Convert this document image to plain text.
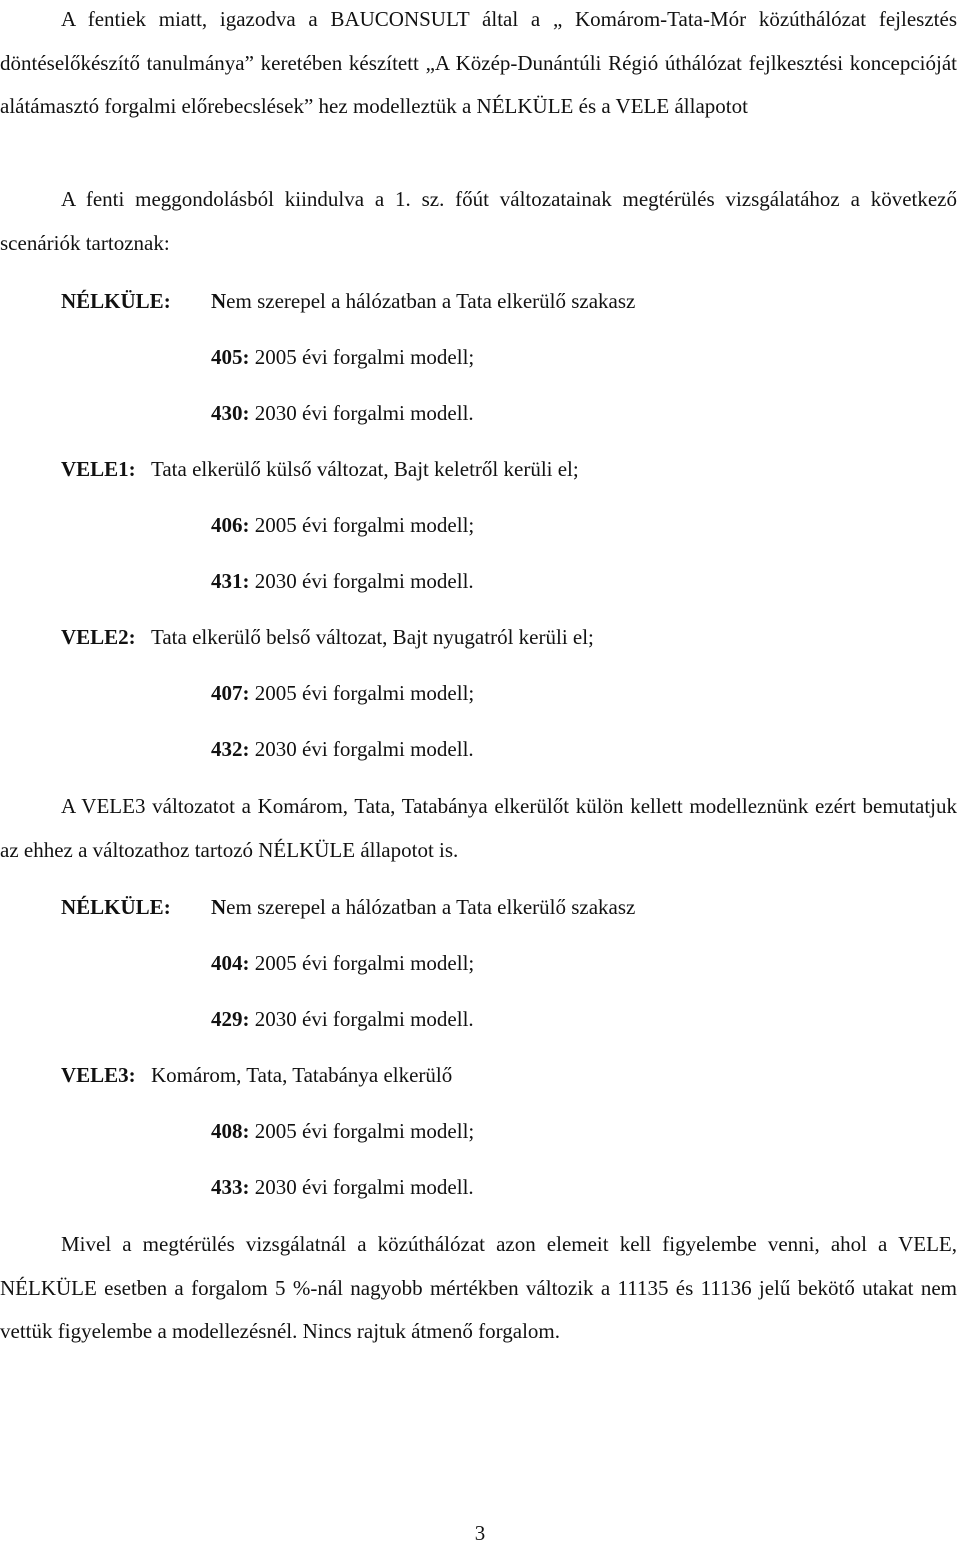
A fentiek miatt, igazodva a BAUCONSULT által a „ Komárom-Tata-Mór közúthálózat fejlesztés döntéselőkészítő tanulmánya” keretében készített „A Közép-Dunántúli Régió úthálózat fejlkesztési koncepcióját alátámasztó forgalmi előrebecslések” hez modelleztük a NÉLKÜLE és a VELE állapotot

A fenti meggondolásból kiindulva a 1. sz. főút változatainak megtérülés vizsgálatához a következő scenáriók tartoznak:

NÉLKÜLE: Nem szerepel a hálózatban a Tata elkerülő szakasz
405: 2005 évi forgalmi modell;
430: 2030 évi forgalmi modell.
VELE1: Tata elkerülő külső változat, Bajt keletről kerüli el;
406: 2005 évi forgalmi modell;
431: 2030 évi forgalmi modell.
VELE2: Tata elkerülő belső változat, Bajt nyugatról kerüli el;
407: 2005 évi forgalmi modell;
432: 2030 évi forgalmi modell.

A VELE3 változatot a Komárom, Tata, Tatabánya elkerülőt külön kellett modelleznünk ezért bemutatjuk az ehhez a változathoz tartozó NÉLKÜLE állapotot is.

NÉLKÜLE: Nem szerepel a hálózatban a Tata elkerülő szakasz
404: 2005 évi forgalmi modell;
429: 2030 évi forgalmi modell.
VELE3: Komárom, Tata, Tatabánya elkerülő
408: 2005 évi forgalmi modell;
433: 2030 évi forgalmi modell.

Mivel a megtérülés vizsgálatnál a közúthálózat azon elemeit kell figyelembe venni, ahol a VELE, NÉLKÜLE esetben a forgalom 5 %-nál nagyobb mértékben változik a 11135 és 11136 jelű bekötő utakat nem vettük figyelembe a modellezésnél. Nincs rajtuk átmenő forgalom.

3
